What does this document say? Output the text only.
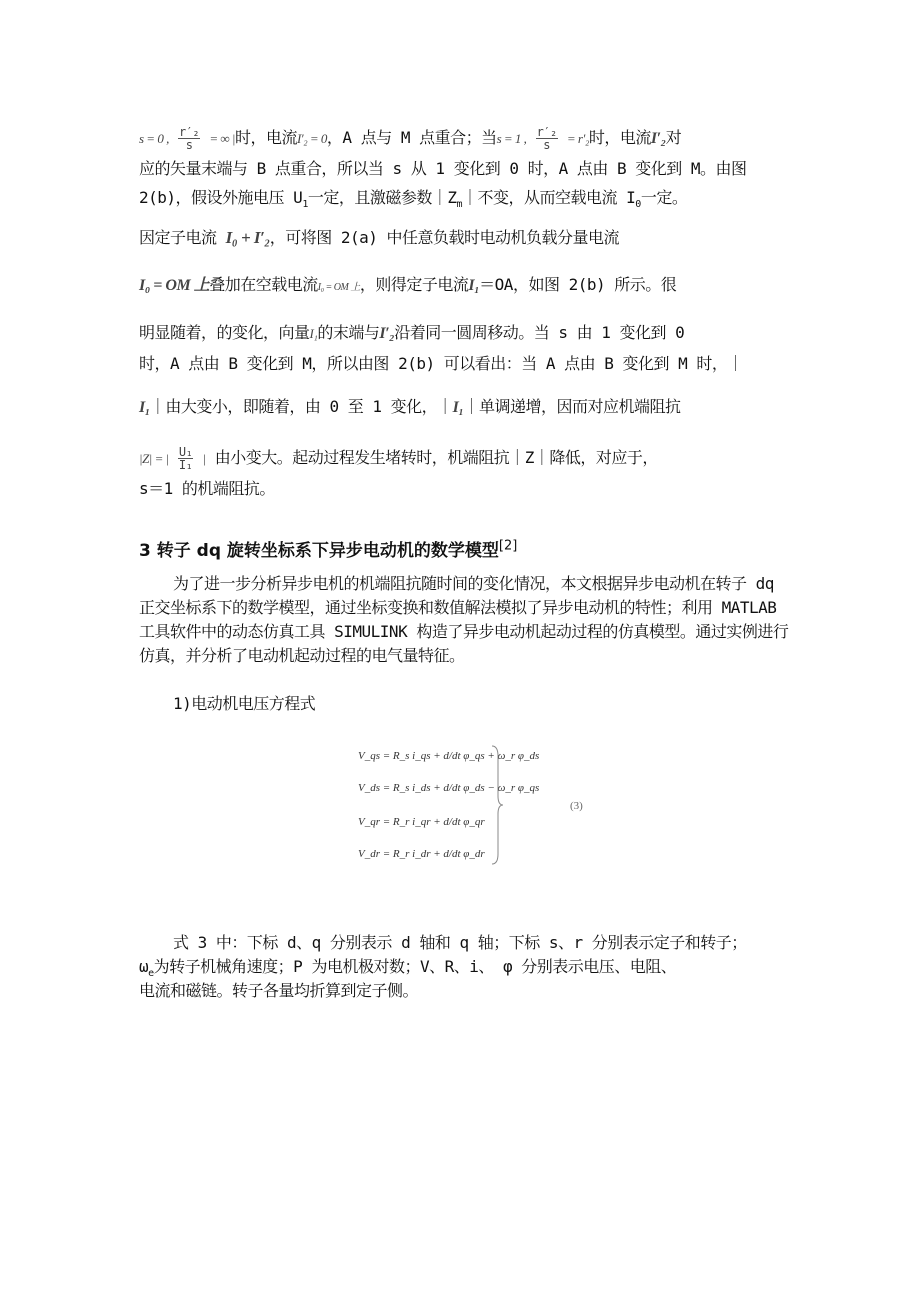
s = 0 , $\frac{\text{r′₂}}{s}$ = ∞ |时，电流I′₂ = 0，A 点与 M 点重合；当s = 1 , $\frac{\text{r′₂}}{s} = r'_2$时，电流I′₂对
应的矢量末端与 B 点重合，所以当 s 从 1 变化到 0 时，A 点由 B 变化到 M。由图
2(b)，假设外施电压 $U_1$一定，且激磁参数$|Z_m|$不变，从而空载电流 $I_0$一定。
因定子电流 I₀ + I′₂，可将图 2(a) 中任意负载时电动机负载分量电流
I₀ = OM 上叠加在空载电流I₀ = OM 上，则得定子电流I₁＝OA，如图 2(b) 所示。很
明显随着，的变化，向量I₁的末端与I′₂沿着同一圆周移动。当 s 由 1 变化到 0
时，A 点由 B 变化到 M，所以由图 2(b) 可以看出：当 A 点由 B 变化到 M 时，｜
I₁｜由大变小，即随着，由 0 至 1 变化，｜I₁｜单调递增，因而对应机端阻抗
|Z| = | $\frac{\text{U₁}}{\text{I₁}}$ | 由小变大。起动过程发生堵转时，机端阻抗｜Z｜降低，对应于，
s＝1 的机端阻抗。
3 转子 dq 旋转坐标系下异步电动机的数学模型[2]
为了进一步分析异步电机的机端阻抗随时间的变化情况，本文根据异步电动机在转子 dq 正交坐标系下的数学模型，通过坐标变换和数值解法模拟了异步电动机的特性；利用 MATLAB 工具软件中的动态仿真工具 SIMULINK 构造了异步电动机起动过程的仿真模型。通过实例进行仿真，并分析了电动机起动过程的电气量特征。
1)电动机电压方程式
V_qs = R_s i_qs + d/dt φ_qs + ω_r φ_ds
V_ds = R_s i_ds + d/dt φ_ds − ω_r φ_qs
V_qr = R_r i_qr + d/dt φ_qr
V_dr = R_r i_dr + d/dt φ_dr
(3)
式 3 中：下标 d、q 分别表示 d 轴和 q 轴；下标 s、r 分别表示定子和转子；
$\omega_e$为转子机械角速度；P 为电机极对数；V、R、i、 φ 分别表示电压、电阻、
电流和磁链。转子各量均折算到定子侧。
